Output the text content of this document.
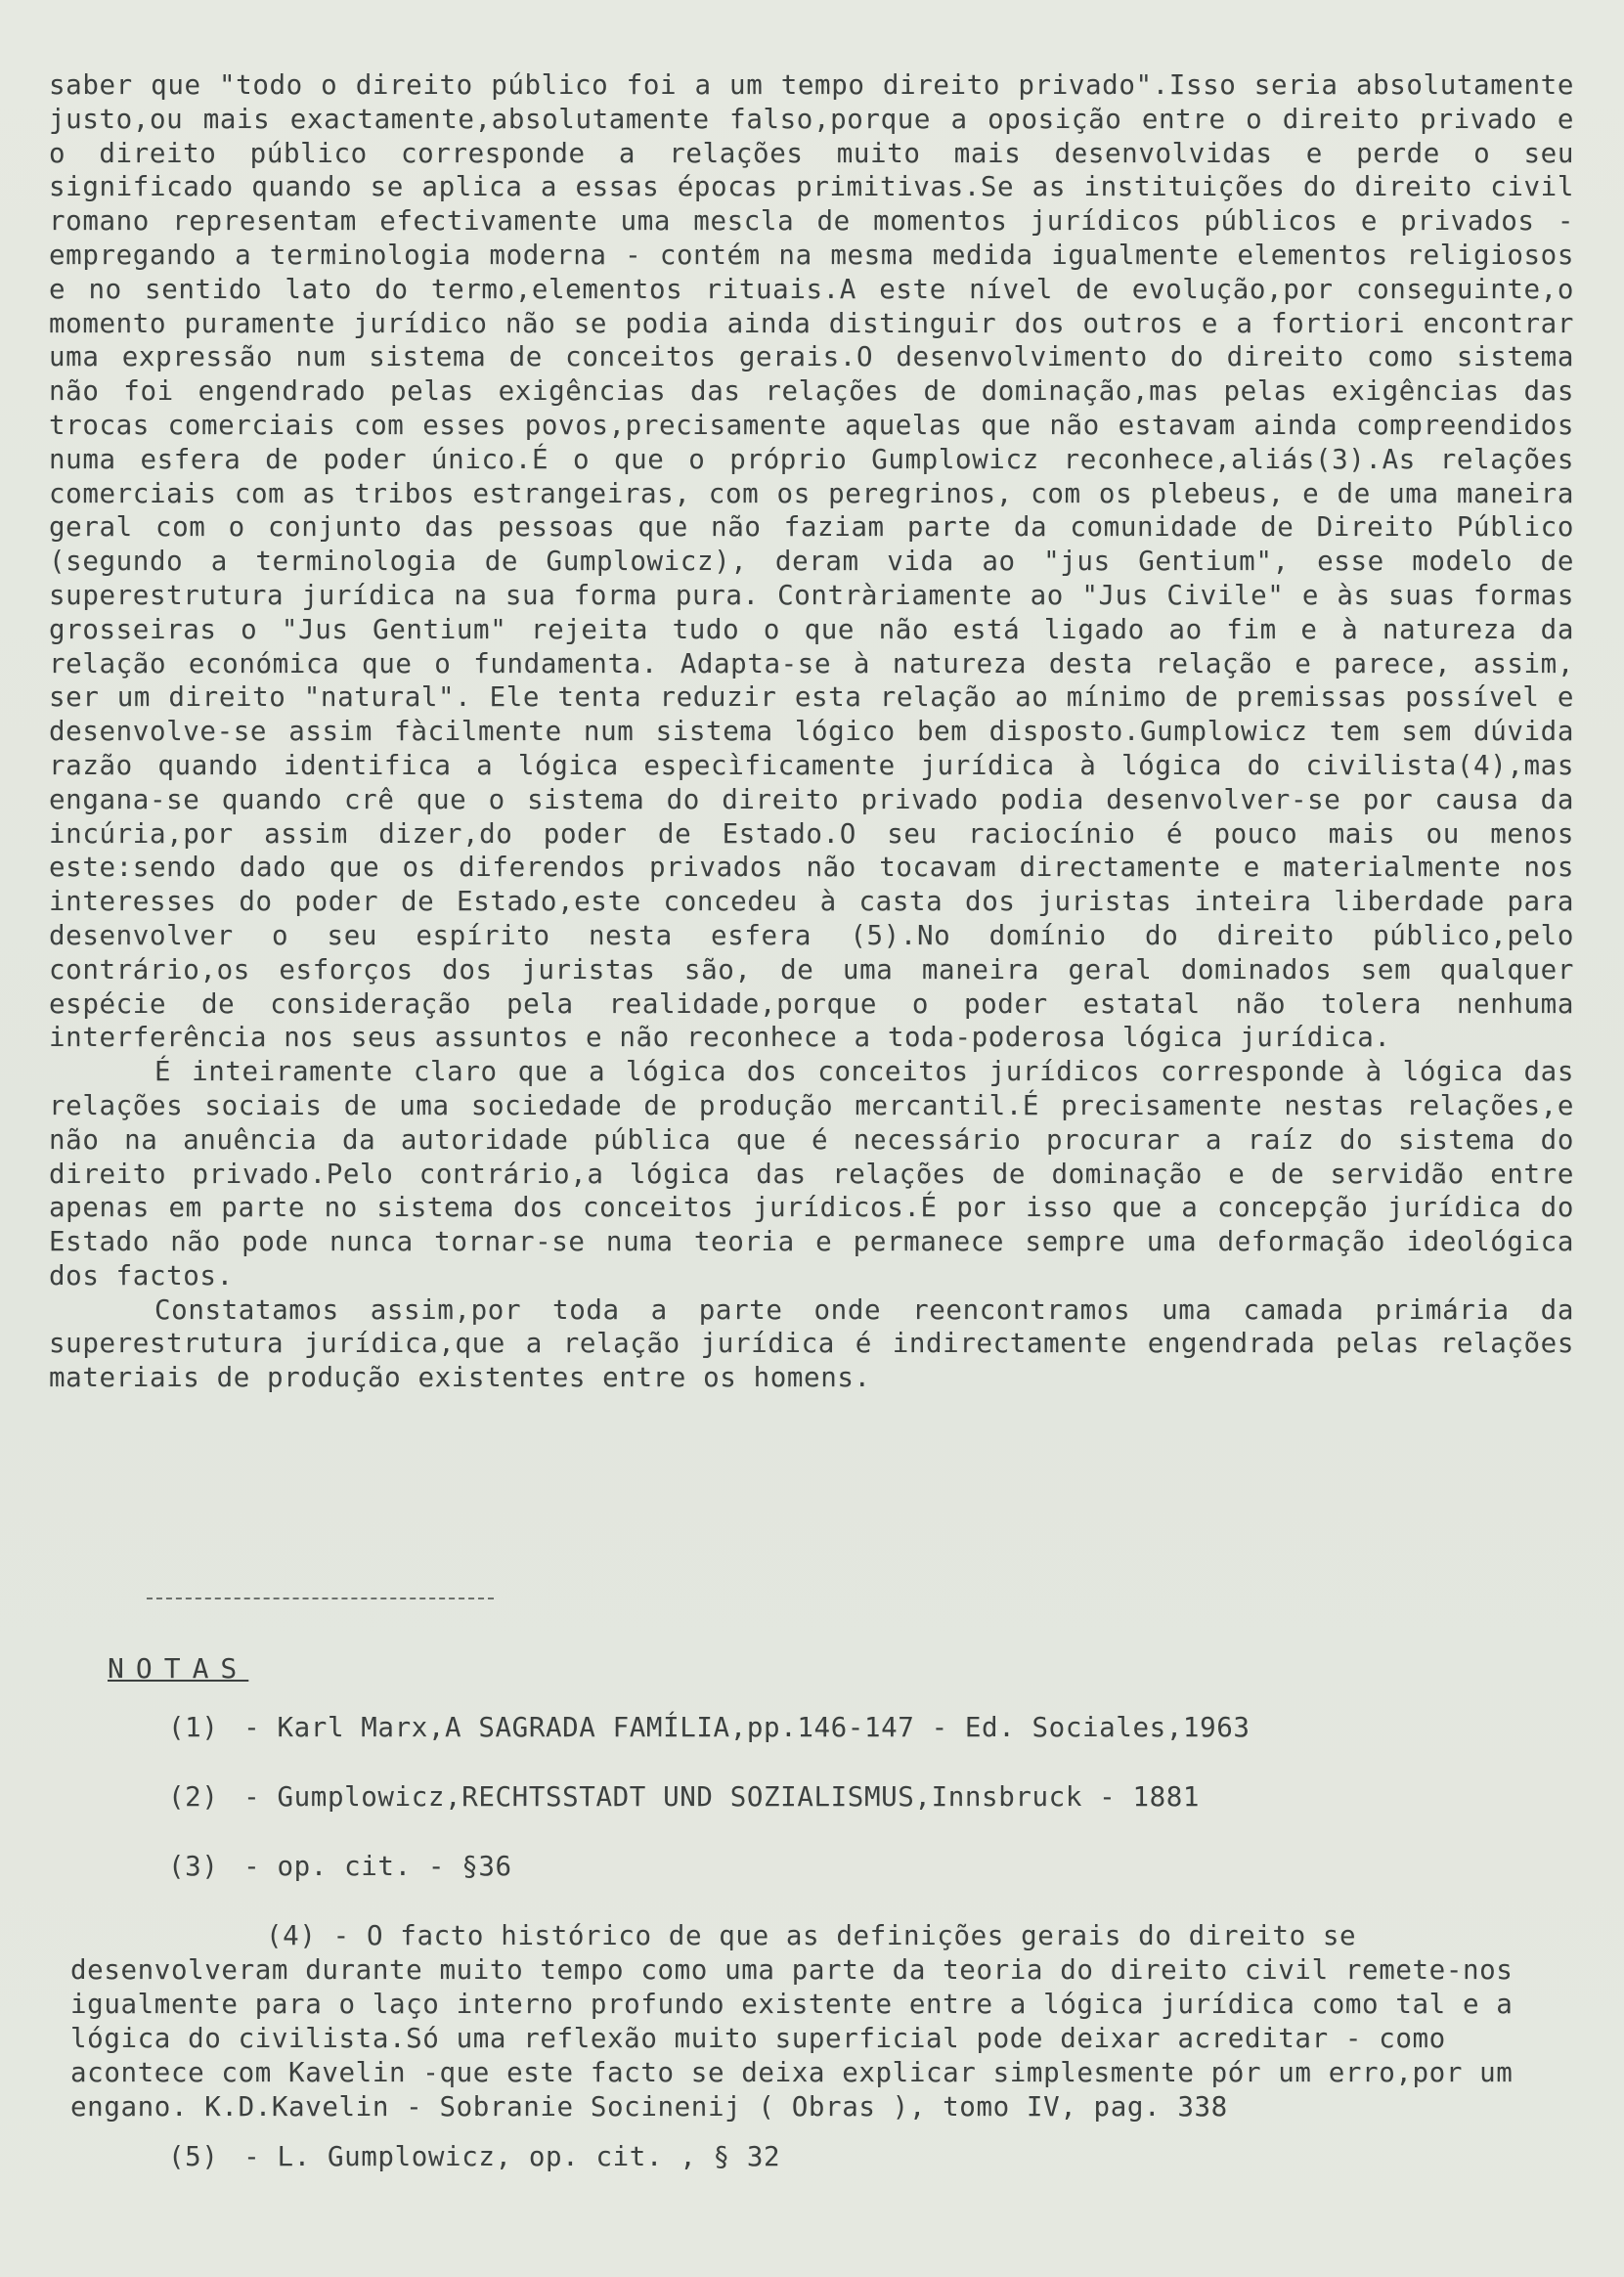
saber que "todo o direito público foi a um tempo direito privado".Isso seria absolutamente justo,ou mais exactamente,absolutamente falso,porque a oposição entre o direito privado e o direito público corresponde a relações muito mais desenvolvidas e perde o seu significado quando se aplica a essas épocas primitivas.Se as instituições do direito civil romano representam efectivamente uma mescla de momentos jurídicos públicos e privados - empregando a terminologia moderna - contém na mesma medida igualmente elementos religiosos e no sentido lato do termo,elementos rituais.A este nível de evolução,por conseguinte,o momento puramente jurídico não se podia ainda distinguir dos outros e a fortiori encontrar uma expressão num sistema de conceitos gerais.O desenvolvimento do direito como sistema não foi engendrado pelas exigências das relações de dominação,mas pelas exigências das trocas comerciais com esses povos,precisamente aquelas que não estavam ainda compreendidos numa esfera de poder único.É o que o próprio Gumplowicz reconhece,aliás(3).As relações comerciais com as tribos estrangeiras, com os peregrinos, com os plebeus, e de uma maneira geral com o conjunto das pessoas que não faziam parte da comunidade de Direito Público (segundo a terminologia de Gumplowicz), deram vida ao "jus Gentium", esse modelo de superestrutura jurídica na sua forma pura. Contràriamente ao "Jus Civile" e às suas formas grosseiras o "Jus Gentium" rejeita tudo o que não está ligado ao fim e à natureza da relação económica que o fundamenta. Adapta-se à natureza desta relação e parece, assim, ser um direito "natural". Ele tenta reduzir esta relação ao mínimo de premissas possível e desenvolve-se assim fàcilmente num sistema lógico bem disposto.Gumplowicz tem sem dúvida razão quando identifica a lógica especìficamente jurídica à lógica do civilista(4),mas engana-se quando crê que o sistema do direito privado podia desenvolver-se por causa da incúria,por assim dizer,do poder de Estado.O seu raciocínio é pouco mais ou menos este:sendo dado que os diferendos privados não tocavam directamente e materialmente nos interesses do poder de Estado,este concedeu à casta dos juristas inteira liberdade para desenvolver o seu espírito nesta esfera (5).No domínio do direito público,pelo contrário,os esforços dos juristas são, de uma maneira geral dominados sem qualquer espécie de consideração pela realidade,porque o poder estatal não tolera nenhuma interferência nos seus assuntos e não reconhece a toda-poderosa lógica jurídica.

É inteiramente claro que a lógica dos conceitos jurídicos corresponde à lógica das relações sociais de uma sociedade de produção mercantil.É precisamente nestas relações,e não na anuência da autoridade pública que é necessário procurar a raíz do sistema do direito privado.Pelo contrário,a lógica das relações de dominação e de servidão entre apenas em parte no sistema dos conceitos jurídicos.É por isso que a concepção jurídica do Estado não pode nunca tornar-se numa teoria e permanece sempre uma deformação ideológica dos factos.

Constatamos assim,por toda a parte onde reencontramos uma camada primária da superestrutura jurídica,que a relação jurídica é indirectamente engendrada pelas relações materiais de produção existentes entre os homens.

NOTAS
(1) - Karl Marx,A SAGRADA FAMÍLIA,pp.146-147 - Ed. Sociales,1963
(2) - Gumplowicz,RECHTSSTADT UND SOZIALISMUS,Innsbruck - 1881
(3) - op. cit. - §36
(4) - O facto histórico de que as definições gerais do direito se desenvolveram durante muito tempo como uma parte da teoria do direito civil remete-nos igualmente para o laço interno profundo existente entre a lógica jurídica como tal e a lógica do civilista.Só uma reflexão muito superficial pode deixar acreditar - como acontece com Kavelin -que este facto se deixa explicar simplesmente pór um erro,por um engano. K.D.Kavelin - Sobranie Socinenij ( Obras ), tomo IV, pag. 338
(5) - L. Gumplowicz, op. cit. , § 32
